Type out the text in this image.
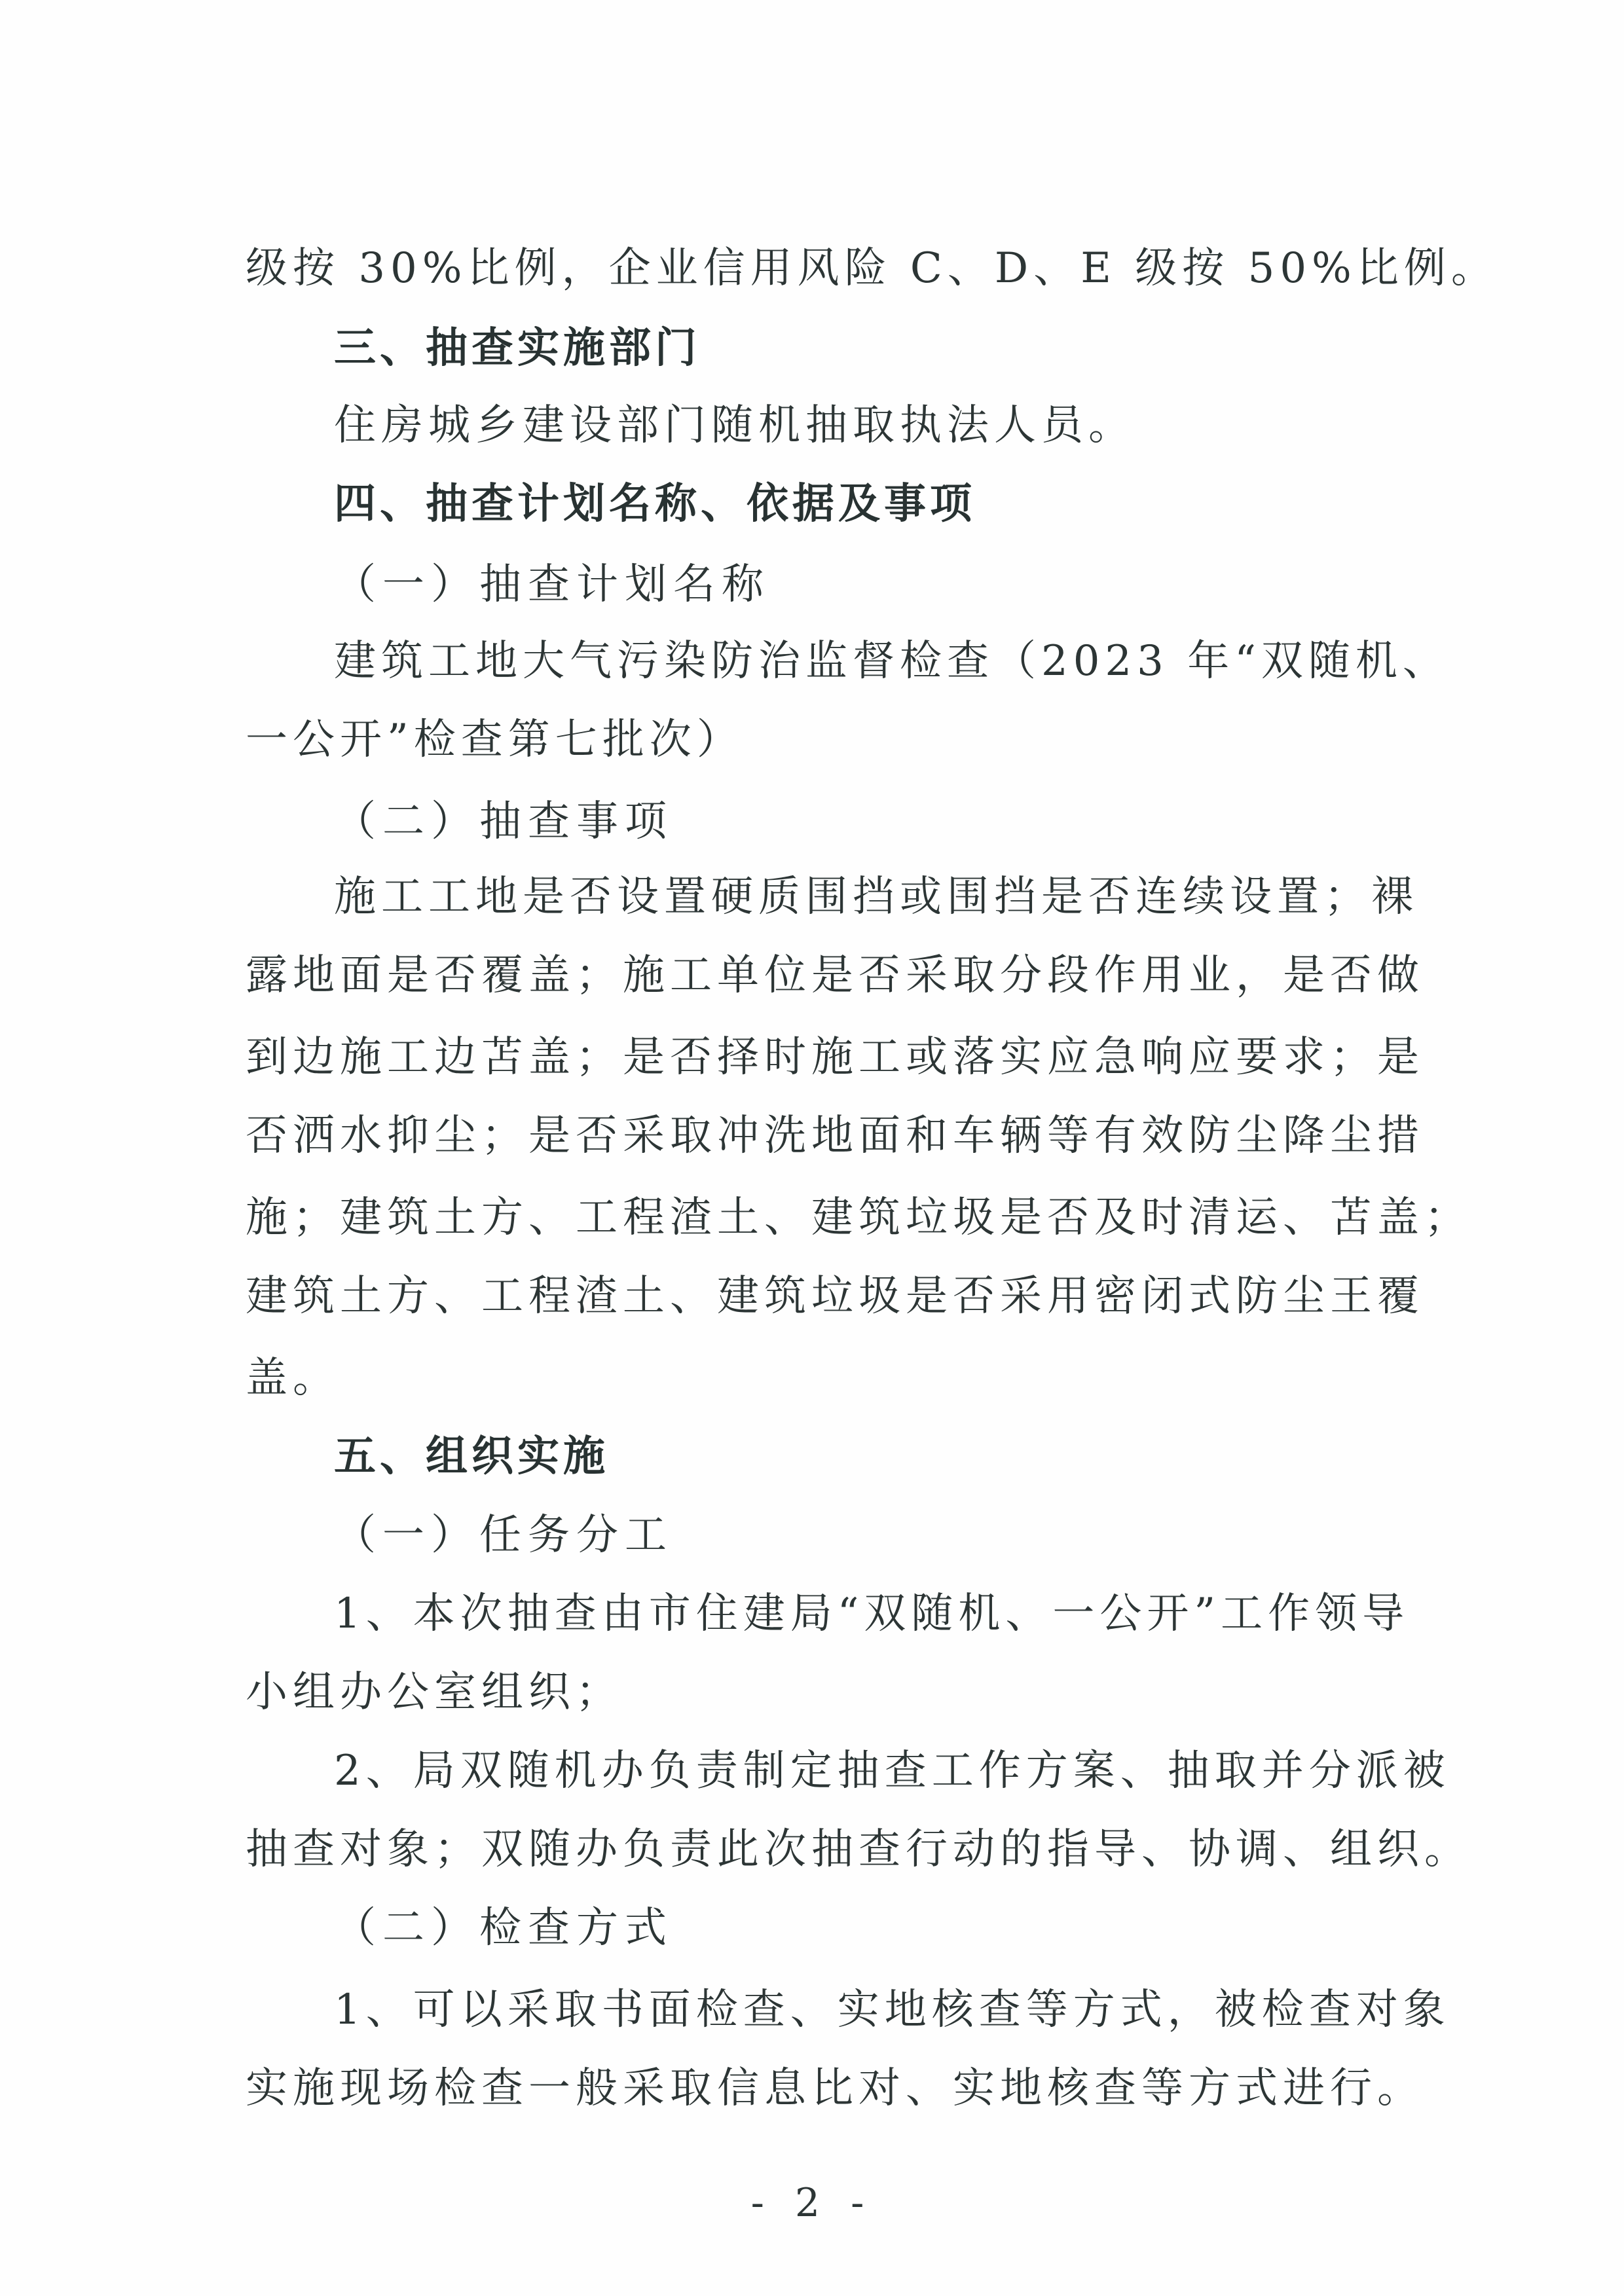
级按 30%比例，企业信用风险 C、D、E 级按 50%比例。
三、抽查实施部门
住房城乡建设部门随机抽取执法人员。
四、抽查计划名称、依据及事项
（一）抽查计划名称
建筑工地大气污染防治监督检查（2023 年“双随机、
一公开”检查第七批次）
（二）抽查事项
施工工地是否设置硬质围挡或围挡是否连续设置；裸
露地面是否覆盖；施工单位是否采取分段作用业，是否做
到边施工边苫盖；是否择时施工或落实应急响应要求；是
否洒水抑尘；是否采取冲洗地面和车辆等有效防尘降尘措
施；建筑土方、工程渣土、建筑垃圾是否及时清运、苫盖；
建筑土方、工程渣土、建筑垃圾是否采用密闭式防尘王覆
盖。
五、组织实施
（一）任务分工
1、本次抽查由市住建局“双随机、一公开”工作领导
小组办公室组织；
2、局双随机办负责制定抽查工作方案、抽取并分派被
抽查对象；双随办负责此次抽查行动的指导、协调、组织。
（二）检查方式
1、可以采取书面检查、实地核查等方式，被检查对象
实施现场检查一般采取信息比对、实地核查等方式进行。
- 2 -
